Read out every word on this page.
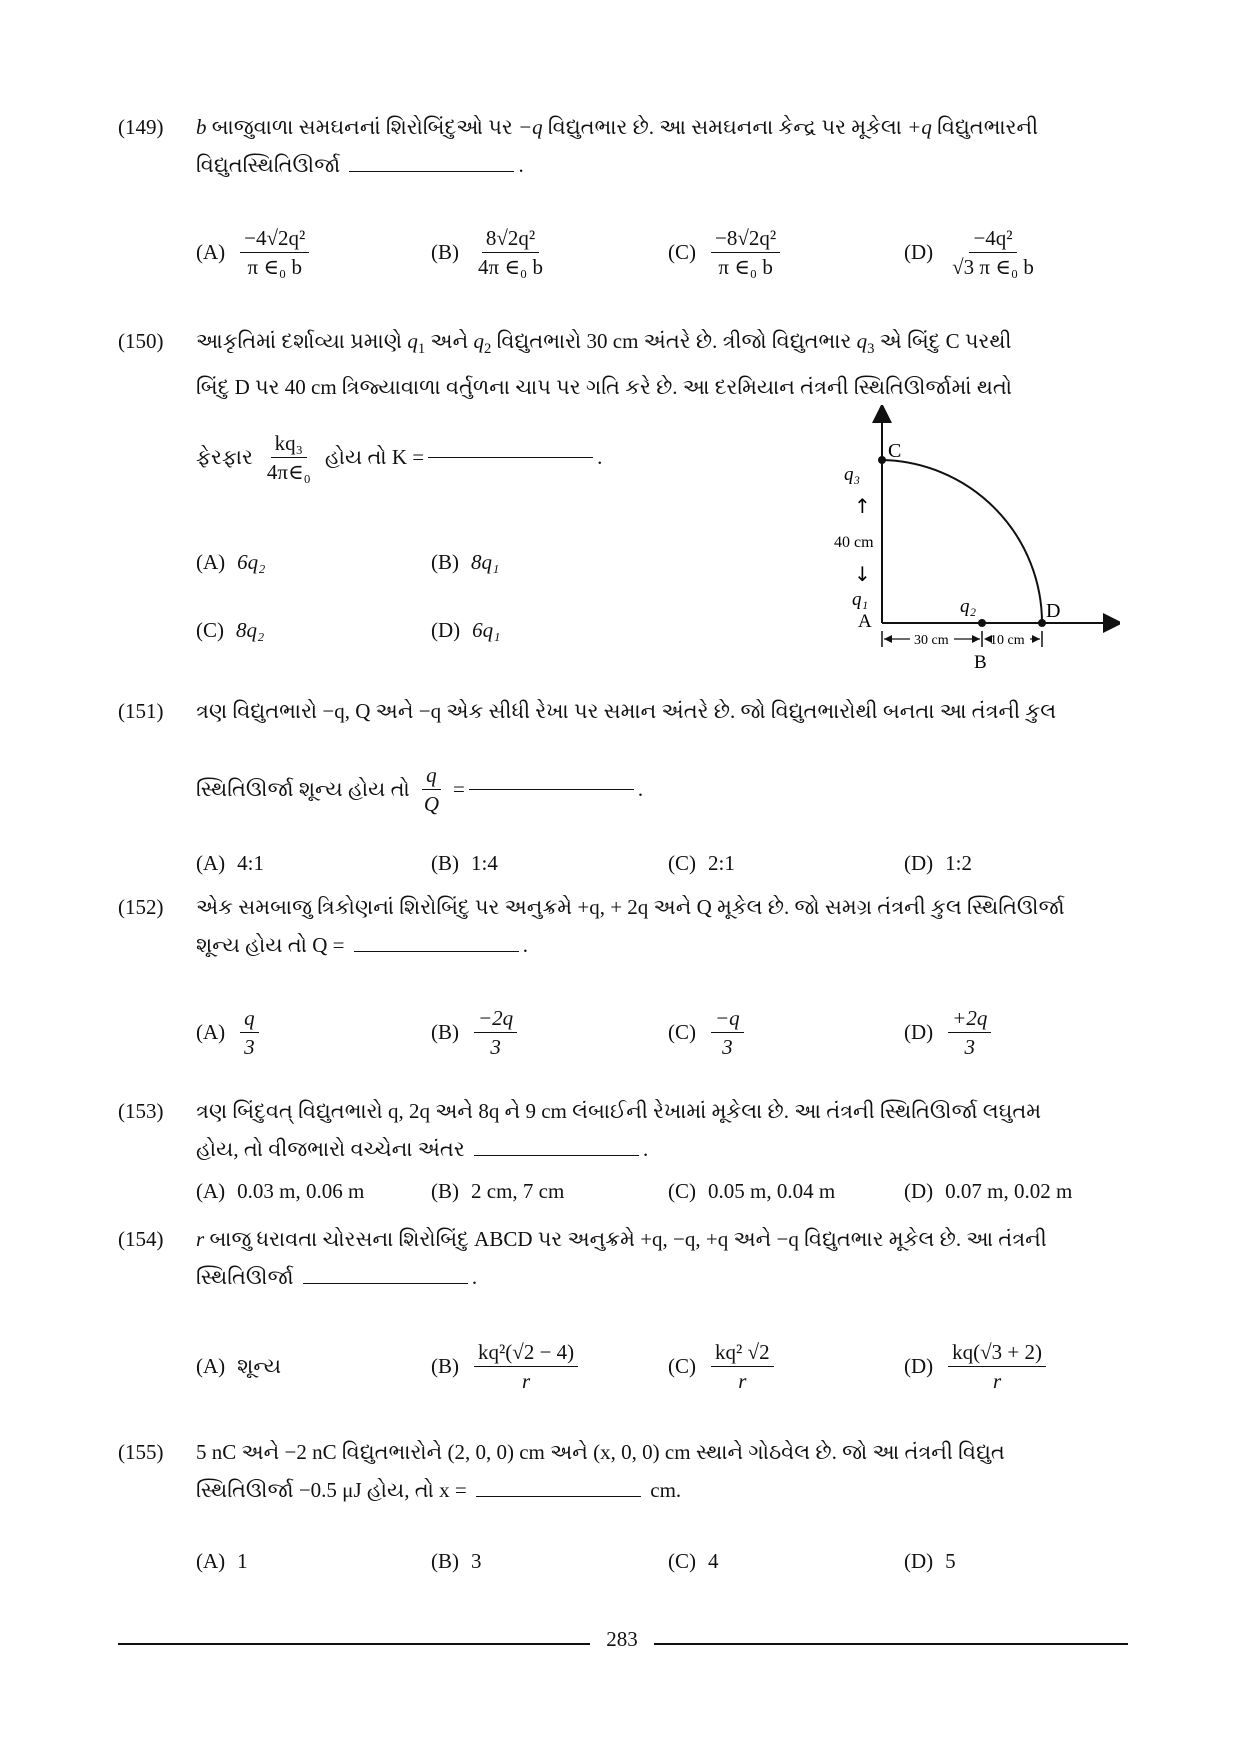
(149) b બાજુવાળા સમઘનનાં શિરોબિંદુઓ પર −q વિદ્યુતભાર છે. આ સમઘનના કેન્દ્ર પર મૂકેલા +q વિદ્યુતભારની
વિદ્યુતસ્થિતિઊર્જા	.
$(A) \frac{\text{−4√2q²}}{\text{π ∈₀ b}}$	$(B) \frac{\text{8√2q²}}{\text{4π ∈₀ b}}$	$(C) \frac{\text{−8√2q²}}{\text{π ∈₀ b}}$	$(D) \frac{\text{−4q²}}{\text{√3 π ∈₀ b}}$
(150) આકૃતિમાં દર્શાવ્યા પ્રમાણે $q_1$ અને $q_2$ વિદ્યુતભારો 30 cm અંતરે છે. ત્રીજો વિદ્યુતભાર $q_3$ એ બિંદુ C પરથી
બિંદુ D પર 40 cm ત્રિજ્યાવાળા વર્તુળના ચાપ પર ગતિ કરે છે. આ દરમિયાન તંત્રની સ્થિતિઊર્જામાં થતો
ફેરફાર $\frac{\text{kq₃}}{\text{4π∈₀}}$ હોય તો K =	.
(A) 6q₂	(B) 8q₁
(C) 8q₂	(D) 6q₁
C
q₃
↑
40 cm
↓
q₁
A
q₂	D
30 cm	10 cm
B
(151) ત્રણ વિદ્યુતભારો −q, Q અને −q એક સીધી રેખા પર સમાન અંતરે છે. જો વિદ્યુતભારોથી બનતા આ તંત્રની કુલ
સ્થિતિઊર્જા શૂન્ય હોય તો $\frac{q}{Q}$ =	.
(A) 4:1	(B) 1:4	(C) 2:1	(D) 1:2
(152) એક સમબાજુ ત્રિકોણનાં શિરોબિંદુ પર અનુક્રમે +q, + 2q અને Q મૂકેલ છે. જો સમગ્ર તંત્રની કુલ સ્થિતિઊર્જા
શૂન્ય હોય તો Q =	.
$(A) \frac{q}{3}$	$(B) \frac{-2q}{3}$	$(C) \frac{-q}{3}$	$(D) \frac{+2q}{3}$
(153) ત્રણ બિંદુવત્ વિદ્યુતભારો q, 2q અને 8q ને 9 cm લંબાઈની રેખામાં મૂકેલા છે. આ તંત્રની સ્થિતિઊર્જા લઘુતમ
હોય, તો વીજભારો વચ્ચેના અંતર	.
(A) 0.03 m, 0.06 m	(B) 2 cm, 7 cm	(C) 0.05 m, 0.04 m	(D) 0.07 m, 0.02 m
(154) r બાજુ ધરાવતા ચોરસના શિરોબિંદુ ABCD પર અનુક્રમે +q, −q, +q અને −q વિદ્યુતભાર મૂકેલ છે. આ તંત્રની
સ્થિતિઊર્જા	.
(A) શૂન્ય	$(B) \frac{\text{kq²(√2 − 4)}}{r}$	$(C) \frac{\text{kq² √2}}{r}$	$(D) \frac{kq(√3 + 2)}{r}$
(155) 5 nC અને −2 nC વિદ્યુતભારોને (2, 0, 0) cm અને (x, 0, 0) cm સ્થાને ગોઠવેલ છે. જો આ તંત્રની વિદ્યુત
સ્થિતિઊર્જા −0.5 μJ હોય, તો x =	cm.
(A) 1	(B) 3	(C) 4	(D) 5
283
